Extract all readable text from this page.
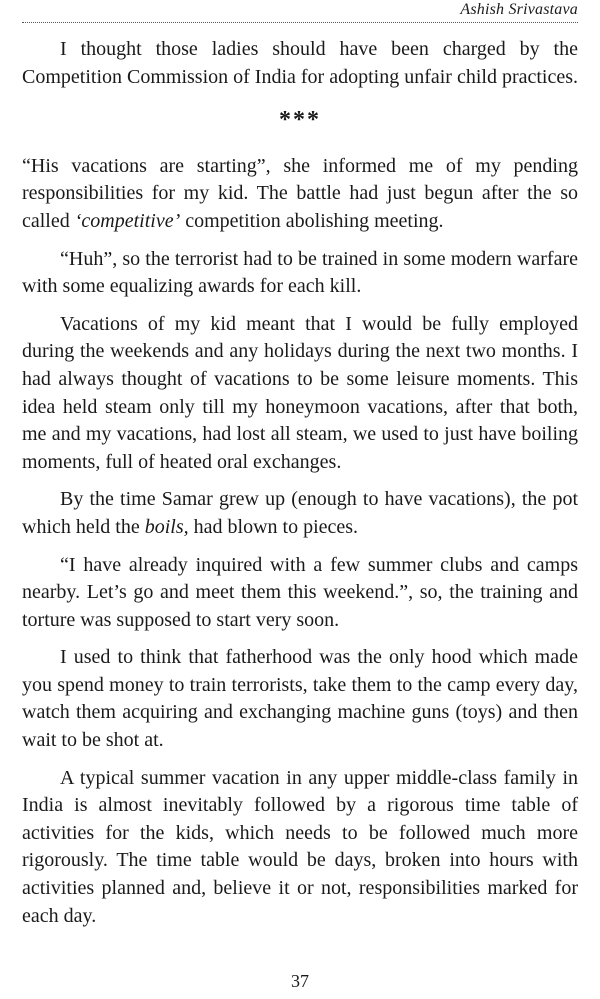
Ashish Srivastava

I thought those ladies should have been charged by the Competition Commission of India for adopting unfair child practices.

***

“His vacations are starting”, she informed me of my pending responsibilities for my kid. The battle had just begun after the so called ‘competitive’ competition abolishing meeting.

“Huh”, so the terrorist had to be trained in some modern warfare with some equalizing awards for each kill.

Vacations of my kid meant that I would be fully employed during the weekends and any holidays during the next two months. I had always thought of vacations to be some leisure moments. This idea held steam only till my honeymoon vacations, after that both, me and my vacations, had lost all steam, we used to just have boiling moments, full of heated oral exchanges.

By the time Samar grew up (enough to have vacations), the pot which held the boils, had blown to pieces.

“I have already inquired with a few summer clubs and camps nearby. Let’s go and meet them this weekend.”, so, the training and torture was supposed to start very soon.

I used to think that fatherhood was the only hood which made you spend money to train terrorists, take them to the camp every day, watch them acquiring and exchanging machine guns (toys) and then wait to be shot at.

A typical summer vacation in any upper middle-class family in India is almost inevitably followed by a rigorous time table of activities for the kids, which needs to be followed much more rigorously. The time table would be days, broken into hours with activities planned and, believe it or not, responsibilities marked for each day.

37
